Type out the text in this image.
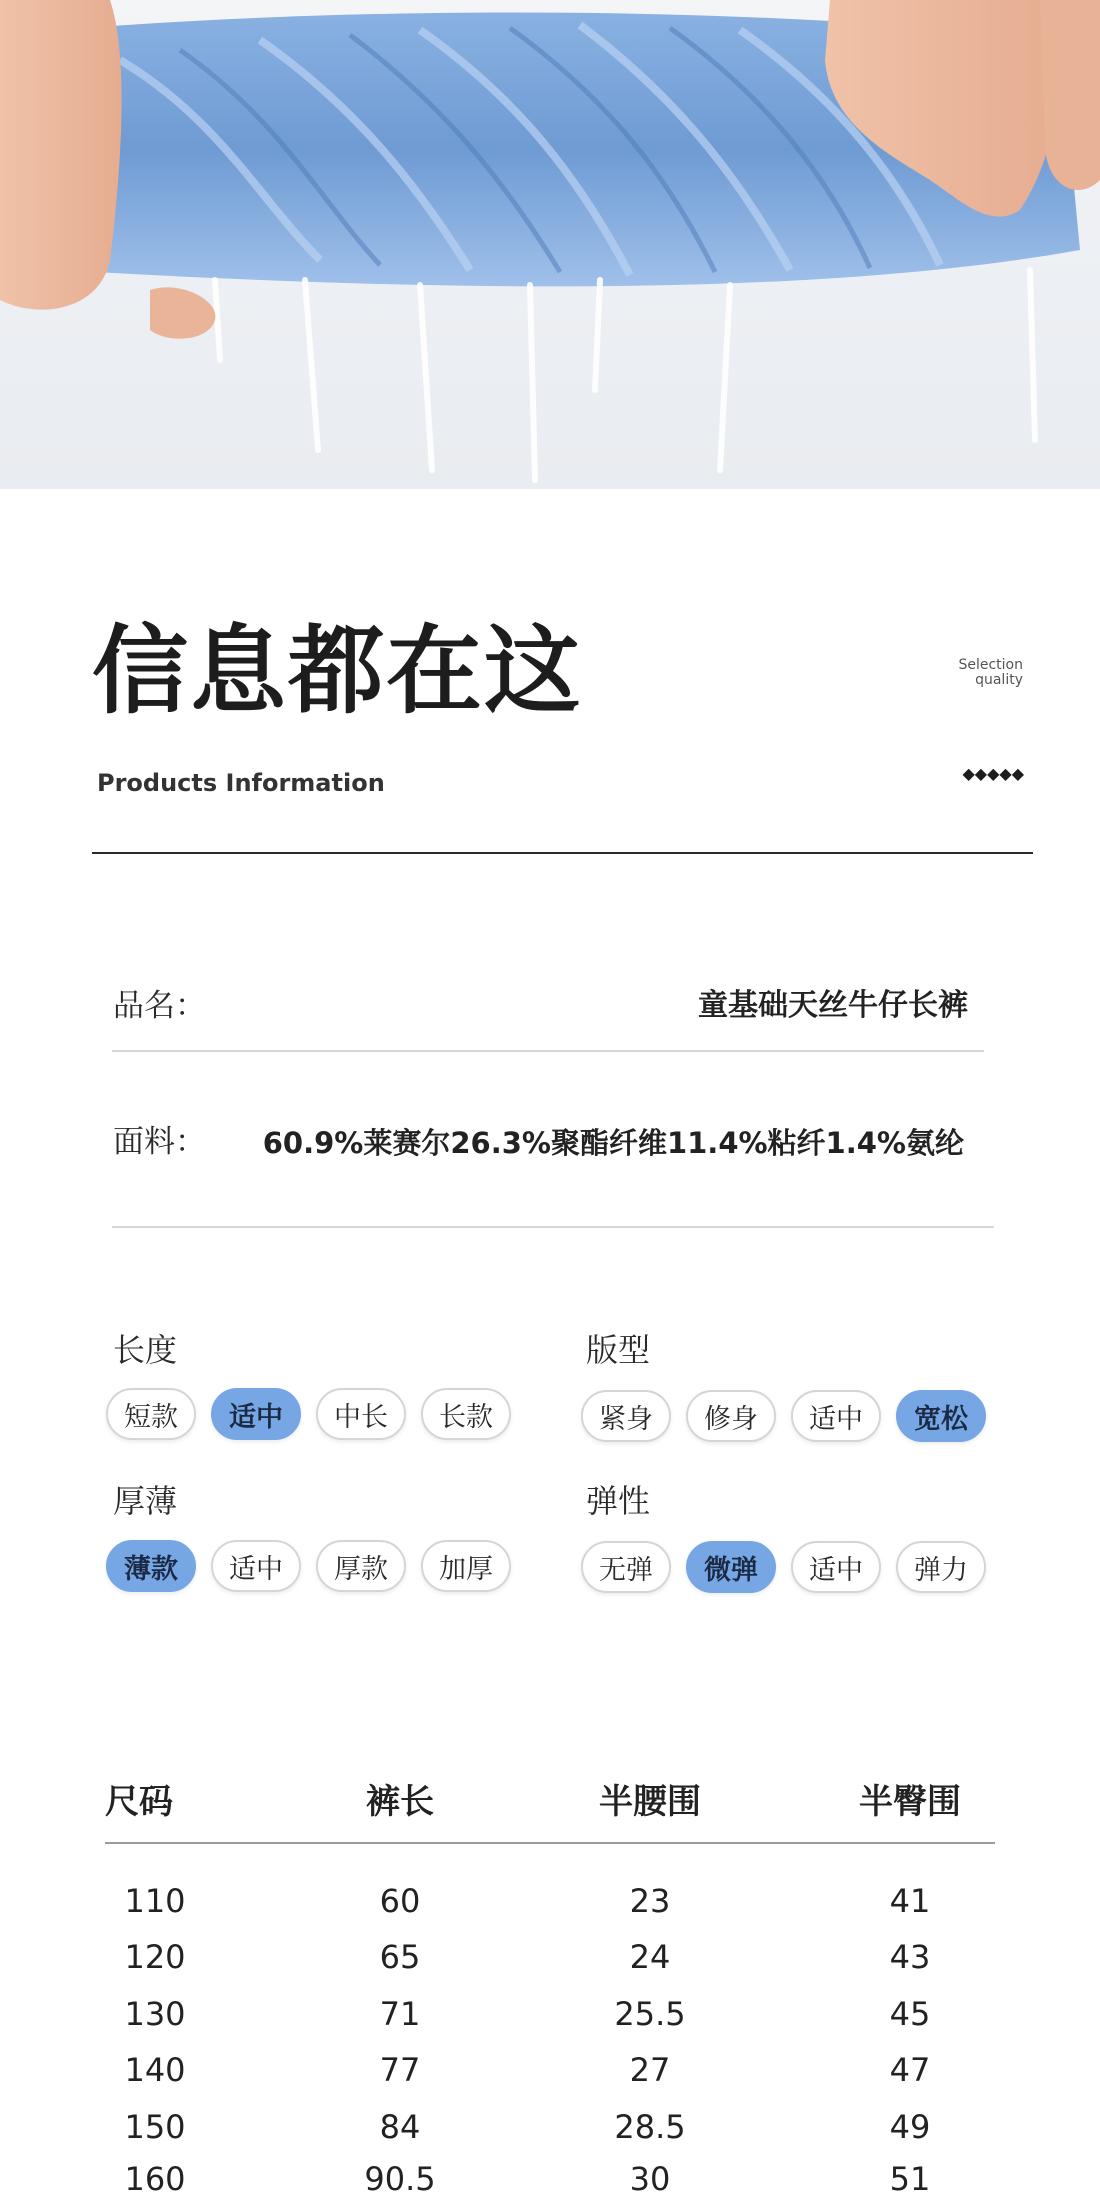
信息都在这
Products Information
Selection
quality
◆◆◆◆◆
品名：	童基础天丝牛仔长裤
面料： 60.9%莱赛尔26.3%聚酯纤维11.4%粘纤1.4%氨纶
长度
短款	适中	中长	长款
版型
紧身	修身	适中	宽松
厚薄
薄款	适中	厚款	加厚
弹性
无弹	微弹	适中	弹力
尺码	裤长	半腰围	半臀围
110	60	23	41
120	65	24	43
130	71	25.5	45
140	77	27	47
150	84	28.5	49
160	90.5	30	51
